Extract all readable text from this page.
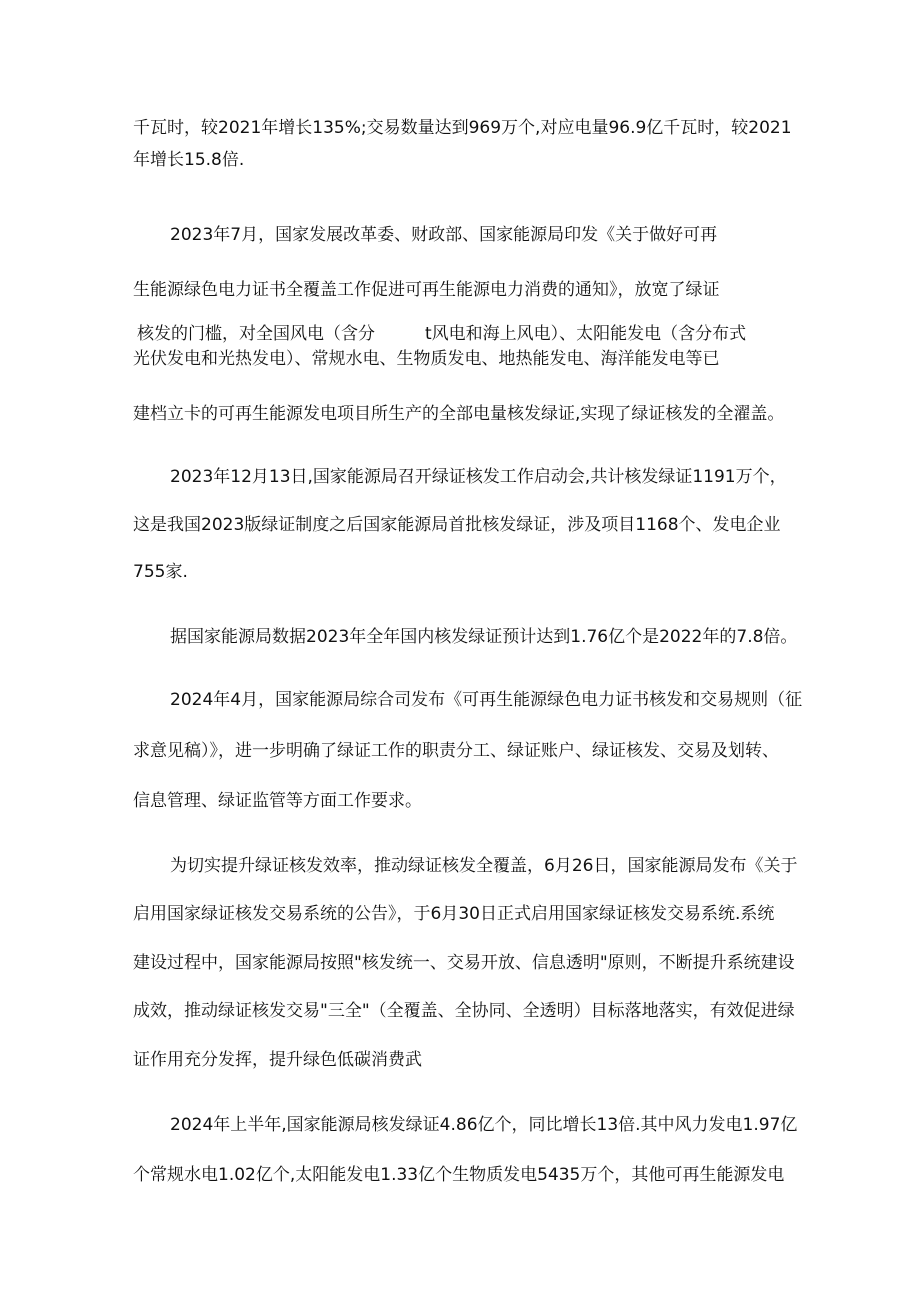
千瓦时，较2021年增长135%;交易数量达到969万个,对应电量96.9亿千瓦时，较2021
年增长15.8倍.
2023年7月，国家发展改革委、财政部、国家能源局印发《关于做好可再
生能源绿色电力证书全覆盖工作促进可再生能源电力消费的通知》，放宽了绿证
核发的门槛，对全国风电（含分	t风电和海上风电）、太阳能发电（含分布式
光伏发电和光热发电）、常规水电、生物质发电、地热能发电、海洋能发电等已
建档立卡的可再生能源发电项目所生产的全部电量核发绿证,实现了绿证核发的全濯盖。
2023年12月13日,国家能源局召开绿证核发工作启动会,共计核发绿证1191万个，
这是我国2023版绿证制度之后国家能源局首批核发绿证，涉及项目1168个、发电企业
755家.
据国家能源局数据2023年全年国内核发绿证预计达到1.76亿个是2022年的7.8倍。
2024年4月，国家能源局综合司发布《可再生能源绿色电力证书核发和交易规则（征
求意见稿）》，进一步明确了绿证工作的职责分工、绿证账户、绿证核发、交易及划转、
信息管理、绿证监管等方面工作要求。
为切实提升绿证核发效率，推动绿证核发全覆盖，6月26日，国家能源局发布《关于
启用国家绿证核发交易系统的公告》，于6月30日正式启用国家绿证核发交易系统.系统
建设过程中，国家能源局按照"核发统一、交易开放、信息透明"原则，不断提升系统建设
成效，推动绿证核发交易"三全"（全覆盖、全协同、全透明）目标落地落实，有效促进绿
证作用充分发挥，提升绿色低碳消费武
2024年上半年,国家能源局核发绿证4.86亿个，同比增长13倍.其中风力发电1.97亿
个常规水电1.02亿个,太阳能发电1.33亿个生物质发电5435万个，其他可再生能源发电
